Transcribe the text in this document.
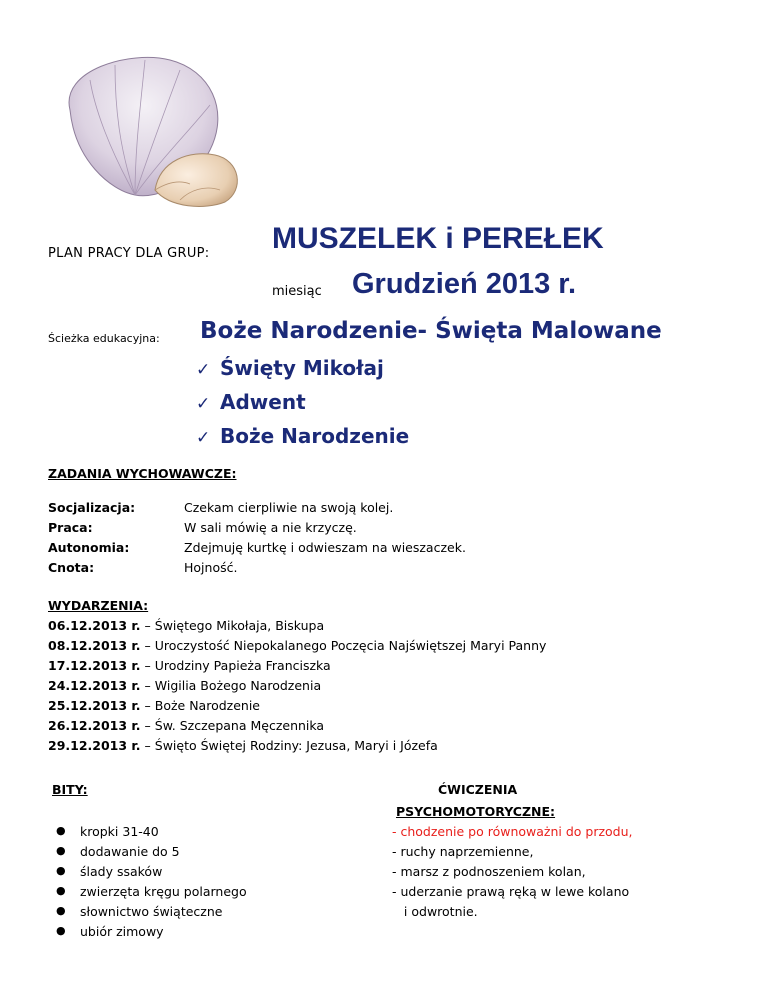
PLAN PRACY DLA GRUP: MUSZELEK i PEREŁEK
miesiąc Grudzień 2013 r.
Ścieżka edukacyjna: Boże Narodzenie- Święta Malowane
✓ Święty Mikołaj
✓ Adwent
✓ Boże Narodzenie
ZADANIA WYCHOWAWCZE:
Socjalizacja:	Czekam cierpliwie na swoją kolej.
Praca:	W sali mówię a nie krzyczę.
Autonomia:	Zdejmuję kurtkę i odwieszam na wieszaczek.
Cnota:	Hojność.
WYDARZENIA:
06.12.2013 r. – Świętego Mikołaja, Biskupa
08.12.2013 r. – Uroczystość Niepokalanego Poczęcia Najświętszej Maryi Panny
17.12.2013 r. – Urodziny Papieża Franciszka
24.12.2013 r. – Wigilia Bożego Narodzenia
25.12.2013 r. – Boże Narodzenie
26.12.2013 r. – Św. Szczepana Męczennika
29.12.2013 r. – Święto Świętej Rodziny: Jezusa, Maryi i Józefa
BITY:
●	kropki 31-40
●	dodawanie do 5
●	ślady ssaków
●	zwierzęta kręgu polarnego
●	słownictwo świąteczne
●	ubiór zimowy
ĆWICZENIA
PSYCHOMOTORYCZNE:
- chodzenie po równoważni do przodu,
- ruchy naprzemienne,
- marsz z podnoszeniem kolan,
- uderzanie prawą ręką w lewe kolano
i odwrotnie.
